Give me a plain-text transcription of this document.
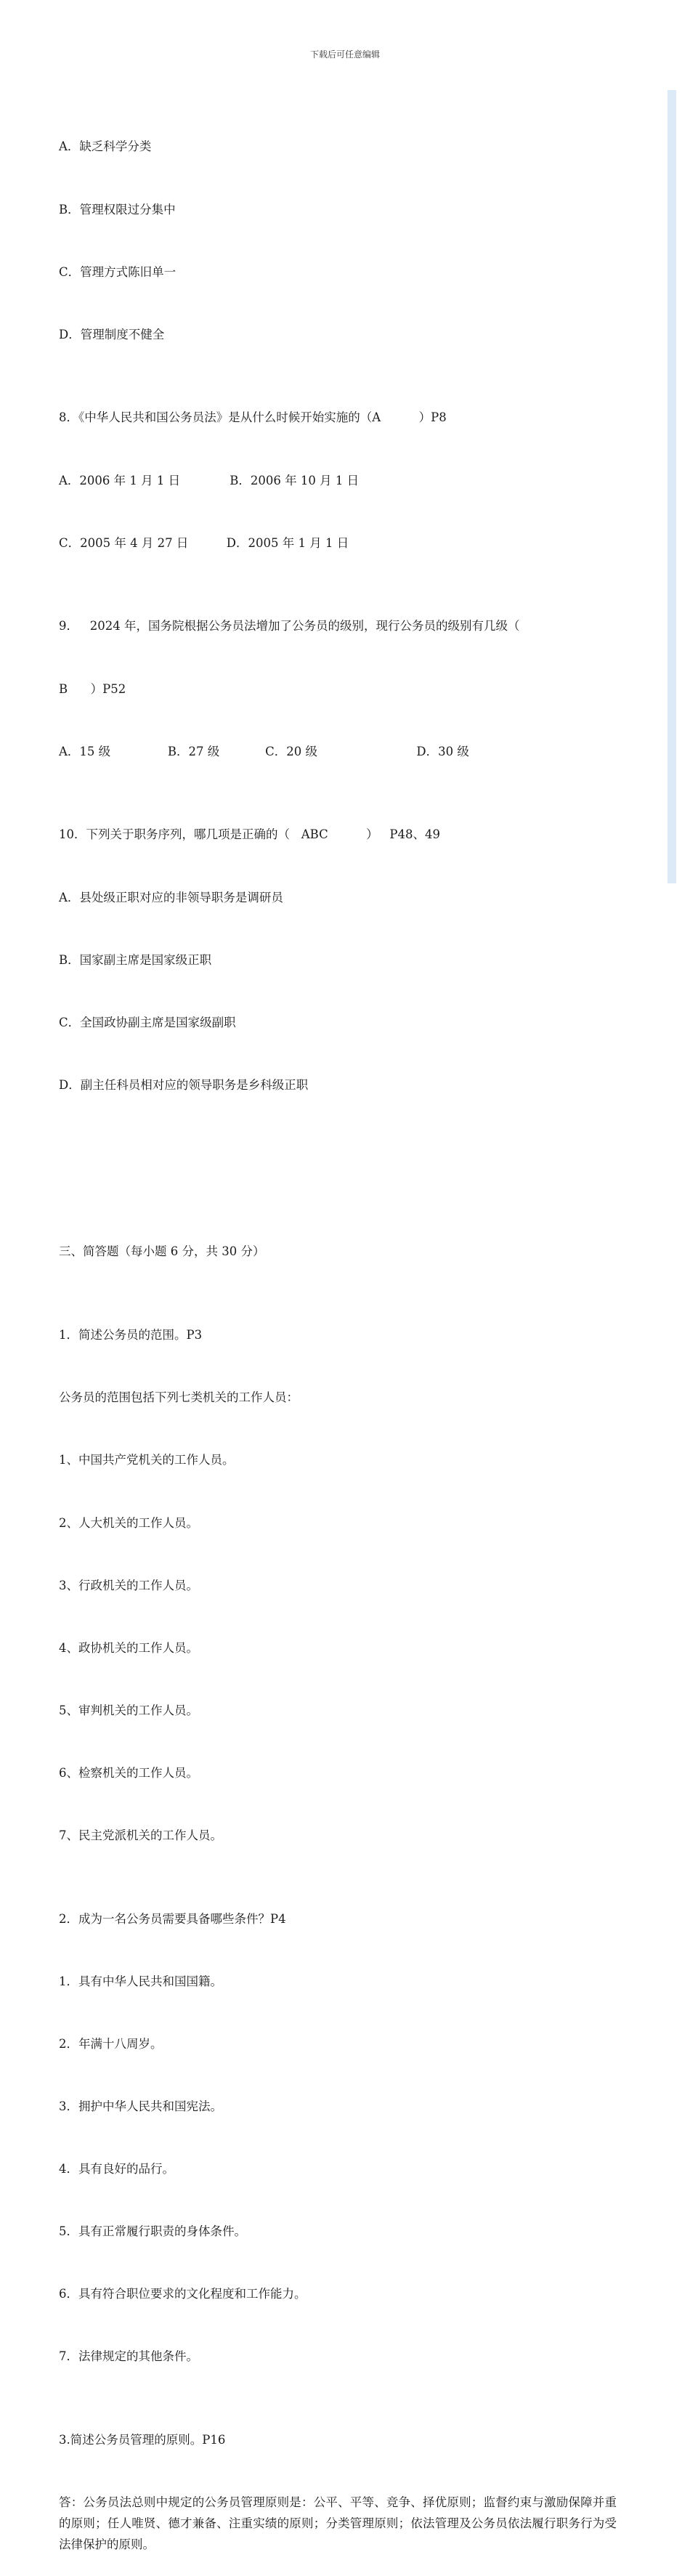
下载后可任意编辑

A．缺乏科学分类

B．管理权限过分集中

C．管理方式陈旧单一

D．管理制度不健全

8．《中华人民共和国公务员法》是从什么时候开始实施的（A          ）P8

A．2006 年 1 月 1 日             B．2006 年 10 月 1 日

C．2005 年 4 月 27 日          D．2005 年 1 月 1 日

9．   2024 年，国务院根据公务员法增加了公务员的级别，现行公务员的级别有几级（

B      ）P52

A．15 级               B．27 级            C．20 级                          D．30 级

10．下列关于职务序列，哪几项是正确的（   ABC          ）   P48、49

A．县处级正职对应的非领导职务是调研员

B．国家副主席是国家级正职

C．全国政协副主席是国家级副职

D．副主任科员相对应的领导职务是乡科级正职

三、简答题（每小题 6 分，共 30 分）

1．简述公务员的范围。P3

公务员的范围包括下列七类机关的工作人员：

1、中国共产党机关的工作人员。

2、人大机关的工作人员。

3、行政机关的工作人员。

4、政协机关的工作人员。

5、审判机关的工作人员。

6、检察机关的工作人员。

7、民主党派机关的工作人员。

2．成为一名公务员需要具备哪些条件？P4

1．具有中华人民共和国国籍。

2．年满十八周岁。

3．拥护中华人民共和国宪法。

4．具有良好的品行。

5．具有正常履行职责的身体条件。

6．具有符合职位要求的文化程度和工作能力。

7．法律规定的其他条件。

3.简述公务员管理的原则。P16

答：公务员法总则中规定的公务员管理原则是：公平、平等、竞争、择优原则；监督约束与激励保障并重的原则；任人唯贤、德才兼备、注重实绩的原则；分类管理原则；依法管理及公务员依法履行职务行为受法律保护的原则。
